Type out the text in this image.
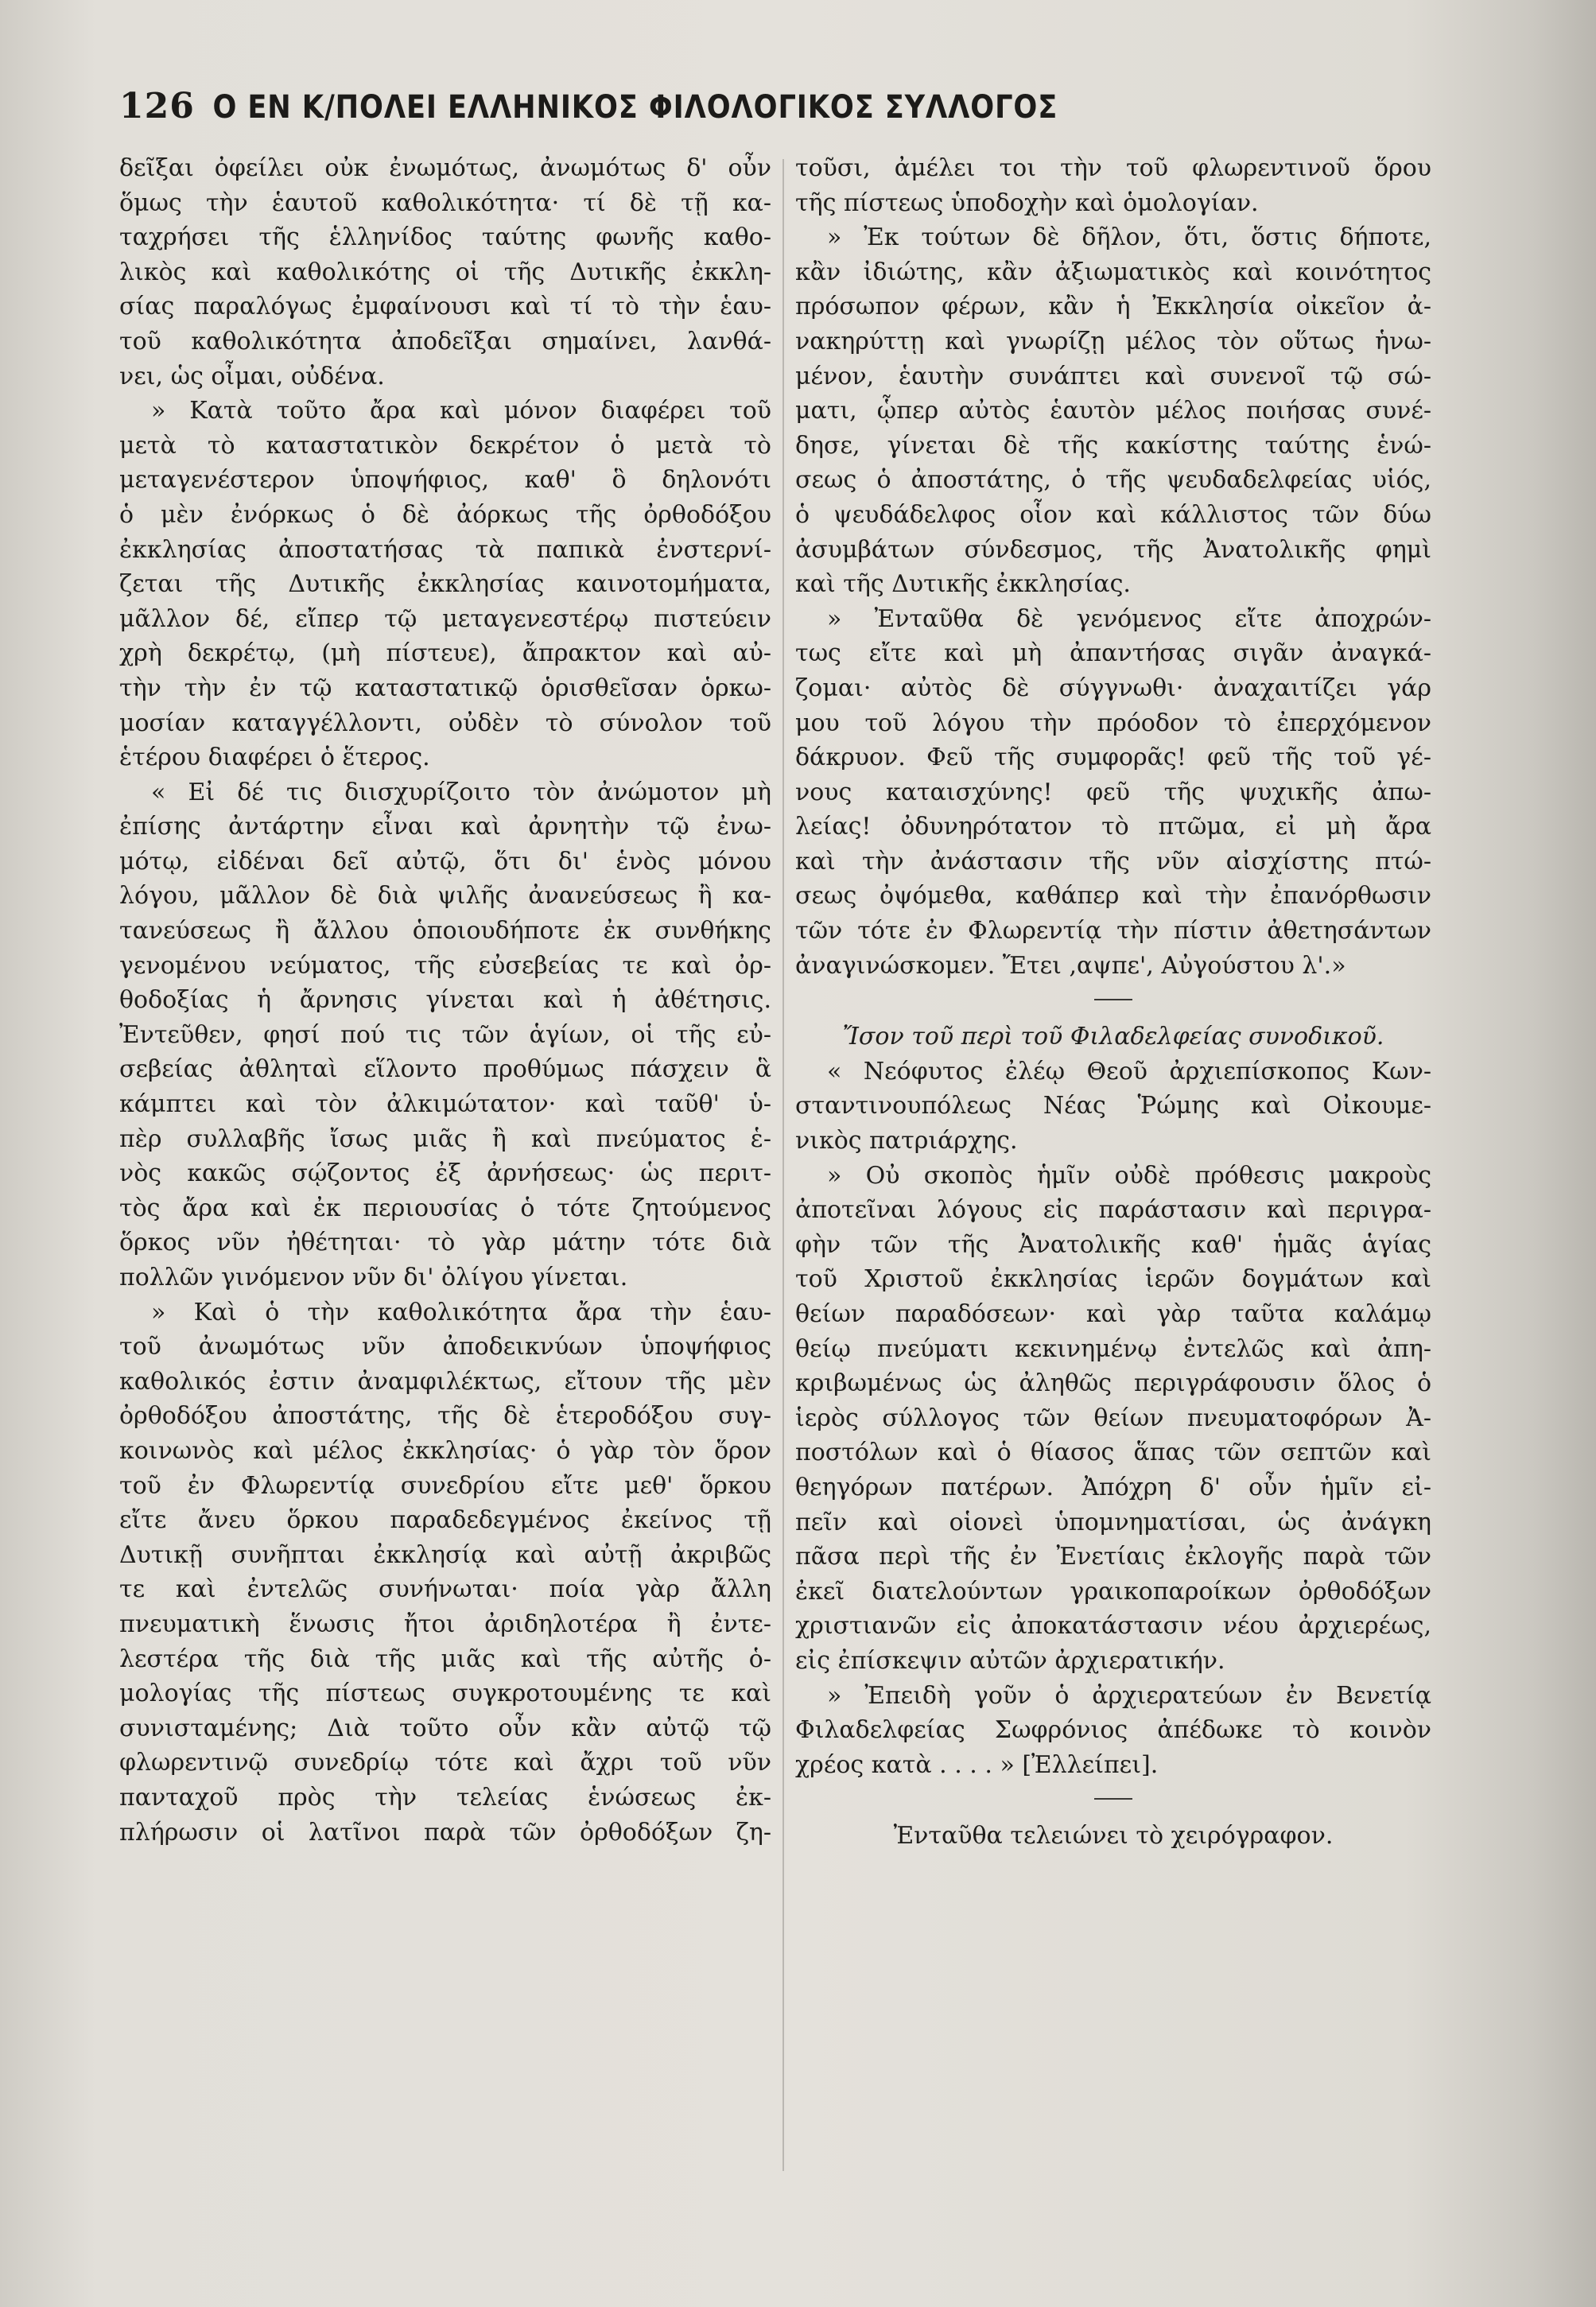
126 Ο ΕΝ Κ/ΠΟΛΕΙ ΕΛΛΗΝΙΚΟΣ ΦΙΛΟΛΟΓΙΚΟΣ ΣΥΛΛΟΓΟΣ
δεῖξαι ὀφείλει οὐκ ἐνωμότως, ἀνωμότως δ' οὖν
ὅμως τὴν ἑαυτοῦ καθολικότητα· τί δὲ τῇ κα-
ταχρήσει τῆς ἑλληνίδος ταύτης φωνῆς καθο-
λικὸς καὶ καθολικότης οἱ τῆς Δυτικῆς ἐκκλη-
σίας παραλόγως ἐμφαίνουσι καὶ τί τὸ τὴν ἑαυ-
τοῦ καθολικότητα ἀποδεῖξαι σημαίνει, λανθά-
νει, ὡς οἶμαι, οὐδένα.
» Κατὰ τοῦτο ἄρα καὶ μόνον διαφέρει τοῦ
μετὰ τὸ καταστατικὸν δεκρέτον ὁ μετὰ τὸ
μεταγενέστερον ὑποψήφιος, καθ' ὃ δηλονότι
ὁ μὲν ἐνόρκως ὁ δὲ ἀόρκως τῆς ὀρθοδόξου
ἐκκλησίας ἀποστατήσας τὰ παπικὰ ἐνστερνί-
ζεται τῆς Δυτικῆς ἐκκλησίας καινοτομήματα,
μᾶλλον δέ, εἴπερ τῷ μεταγενεστέρῳ πιστεύειν
χρὴ δεκρέτῳ, (μὴ πίστευε), ἄπρακτον καὶ αὐ-
τὴν τὴν ἐν τῷ καταστατικῷ ὁρισθεῖσαν ὁρκω-
μοσίαν καταγγέλλοντι, οὐδὲν τὸ σύνολον τοῦ
ἑτέρου διαφέρει ὁ ἕτερος.
« Εἰ δέ τις διισχυρίζοιτο τὸν ἀνώμοτον μὴ
ἐπίσης ἀντάρτην εἶναι καὶ ἀρνητὴν τῷ ἐνω-
μότῳ, εἰδέναι δεῖ αὐτῷ, ὅτι δι' ἑνὸς μόνου
λόγου, μᾶλλον δὲ διὰ ψιλῆς ἀνανεύσεως ἢ κα-
τανεύσεως ἢ ἄλλου ὁποιουδήποτε ἐκ συνθήκης
γενομένου νεύματος, τῆς εὐσεβείας τε καὶ ὀρ-
θοδοξίας ἡ ἄρνησις γίνεται καὶ ἡ ἀθέτησις.
Ἐντεῦθεν, φησί πού τις τῶν ἁγίων, οἱ τῆς εὐ-
σεβείας ἀθληταὶ εἵλοντο προθύμως πάσχειν ἃ
κάμπτει καὶ τὸν ἀλκιμώτατον· καὶ ταῦθ' ὑ-
πὲρ συλλαβῆς ἴσως μιᾶς ἢ καὶ πνεύματος ἑ-
νὸς κακῶς σῴζοντος ἐξ ἀρνήσεως· ὡς περιτ-
τὸς ἄρα καὶ ἐκ περιουσίας ὁ τότε ζητούμενος
ὅρκος νῦν ἠθέτηται· τὸ γὰρ μάτην τότε διὰ
πολλῶν γινόμενον νῦν δι' ὀλίγου γίνεται.
» Καὶ ὁ τὴν καθολικότητα ἄρα τὴν ἑαυ-
τοῦ ἀνωμότως νῦν ἀποδεικνύων ὑποψήφιος
καθολικός ἐστιν ἀναμφιλέκτως, εἴτουν τῆς μὲν
ὀρθοδόξου ἀποστάτης, τῆς δὲ ἑτεροδόξου συγ-
κοινωνὸς καὶ μέλος ἐκκλησίας· ὁ γὰρ τὸν ὅρον
τοῦ ἐν Φλωρεντίᾳ συνεδρίου εἴτε μεθ' ὅρκου
εἴτε ἄνευ ὅρκου παραδεδεγμένος ἐκείνος τῇ
Δυτικῇ συνῆπται ἐκκλησίᾳ καὶ αὐτῇ ἀκριβῶς
τε καὶ ἐντελῶς συνήνωται· ποία γὰρ ἄλλη
πνευματικὴ ἕνωσις ἤτοι ἀριδηλοτέρα ἢ ἐντε-
λεστέρα τῆς διὰ τῆς μιᾶς καὶ τῆς αὐτῆς ὁ-
μολογίας τῆς πίστεως συγκροτουμένης τε καὶ
συνισταμένης; Διὰ τοῦτο οὖν κἂν αὐτῷ τῷ
φλωρεντινῷ συνεδρίῳ τότε καὶ ἄχρι τοῦ νῦν
πανταχοῦ πρὸς τὴν τελείας ἑνώσεως ἐκ-
πλήρωσιν οἱ λατῖνοι παρὰ τῶν ὀρθοδόξων ζη-
τοῦσι, ἀμέλει τοι τὴν τοῦ φλωρεντινοῦ ὅρου
τῆς πίστεως ὑποδοχὴν καὶ ὁμολογίαν.
» Ἐκ τούτων δὲ δῆλον, ὅτι, ὅστις δήποτε,
κἂν ἰδιώτης, κἂν ἀξιωματικὸς καὶ κοινότητος
πρόσωπον φέρων, κἂν ἡ Ἐκκλησία οἰκεῖον ἀ-
νακηρύττῃ καὶ γνωρίζῃ μέλος τὸν οὕτως ἡνω-
μένον, ἑαυτὴν συνάπτει καὶ συνενοῖ τῷ σώ-
ματι, ᾧπερ αὐτὸς ἑαυτὸν μέλος ποιήσας συνέ-
δησε, γίνεται δὲ τῆς κακίστης ταύτης ἑνώ-
σεως ὁ ἀποστάτης, ὁ τῆς ψευδαδελφείας υἱός,
ὁ ψευδάδελφος οἷον καὶ κάλλιστος τῶν δύω
ἀσυμβάτων σύνδεσμος, τῆς Ἀνατολικῆς φημὶ
καὶ τῆς Δυτικῆς ἐκκλησίας.
» Ἐνταῦθα δὲ γενόμενος εἴτε ἀποχρών-
τως εἴτε καὶ μὴ ἀπαντήσας σιγᾶν ἀναγκά-
ζομαι· αὐτὸς δὲ σύγγνωθι· ἀναχαιτίζει γάρ
μου τοῦ λόγου τὴν πρόοδον τὸ ἐπερχόμενον
δάκρυον. Φεῦ τῆς συμφορᾶς! φεῦ τῆς τοῦ γέ-
νους καταισχύνης! φεῦ τῆς ψυχικῆς ἀπω-
λείας! ὀδυνηρότατον τὸ πτῶμα, εἰ μὴ ἄρα
καὶ τὴν ἀνάστασιν τῆς νῦν αἰσχίστης πτώ-
σεως ὀψόμεθα, καθάπερ καὶ τὴν ἐπανόρθωσιν
τῶν τότε ἐν Φλωρεντίᾳ τὴν πίστιν ἀθετησάντων
ἀναγινώσκομεν. Ἔτει ,αψπε', Αὐγούστου λ'.»
Ἴσον τοῦ περὶ τοῦ Φιλαδελφείας συνοδικοῦ.
« Νεόφυτος ἐλέῳ Θεοῦ ἀρχιεπίσκοπος Κων-
σταντινουπόλεως Νέας Ῥώμης καὶ Οἰκουμε-
νικὸς πατριάρχης.
» Οὐ σκοπὸς ἡμῖν οὐδὲ πρόθεσις μακροὺς
ἀποτεῖναι λόγους εἰς παράστασιν καὶ περιγρα-
φὴν τῶν τῆς Ἀνατολικῆς καθ' ἡμᾶς ἁγίας
τοῦ Χριστοῦ ἐκκλησίας ἱερῶν δογμάτων καὶ
θείων παραδόσεων· καὶ γὰρ ταῦτα καλάμῳ
θείῳ πνεύματι κεκινημένῳ ἐντελῶς καὶ ἀπη-
κριβωμένως ὡς ἀληθῶς περιγράφουσιν ὅλος ὁ
ἱερὸς σύλλογος τῶν θείων πνευματοφόρων Ἀ-
ποστόλων καὶ ὁ θίασος ἅπας τῶν σεπτῶν καὶ
θεηγόρων πατέρων. Ἀπόχρη δ' οὖν ἡμῖν εἰ-
πεῖν καὶ οἱονεὶ ὑπομνηματίσαι, ὡς ἀνάγκη
πᾶσα περὶ τῆς ἐν Ἐνετίαις ἐκλογῆς παρὰ τῶν
ἐκεῖ διατελούντων γραικοπαροίκων ὀρθοδόξων
χριστιανῶν εἰς ἀποκατάστασιν νέου ἀρχιερέως,
εἰς ἐπίσκεψιν αὐτῶν ἀρχιερατικήν.
» Ἐπειδὴ γοῦν ὁ ἀρχιερατεύων ἐν Βενετίᾳ
Φιλαδελφείας Σωφρόνιος ἀπέδωκε τὸ κοινὸν
χρέος κατὰ . . . . » [Ἐλλείπει].
Ἐνταῦθα τελειώνει τὸ χειρόγραφον.
